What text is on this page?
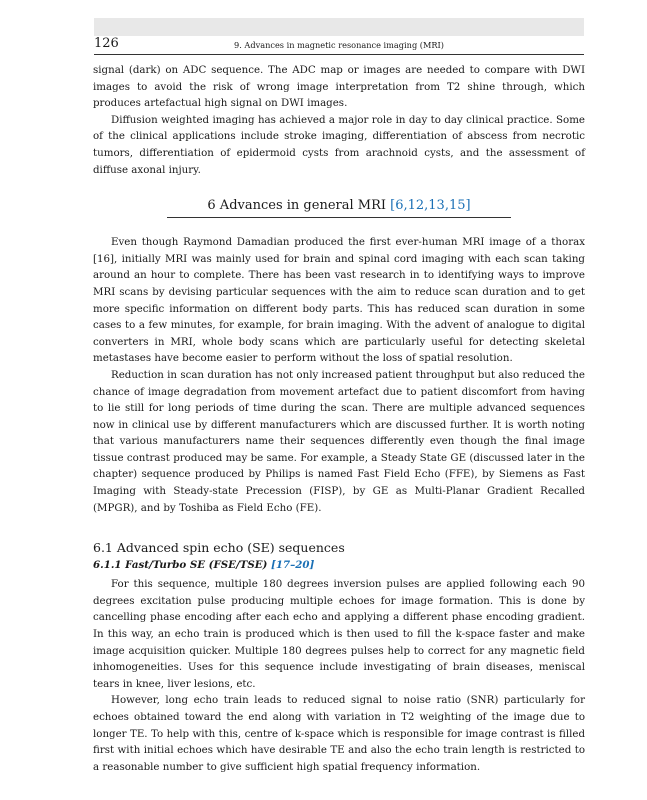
126	9. Advances in magnetic resonance imaging (MRI)

signal (dark) on ADC sequence. The ADC map or images are needed to compare with DWI images to avoid the risk of wrong image interpretation from T2 shine through, which produces artefactual high signal on DWI images.

Diffusion weighted imaging has achieved a major role in day to day clinical practice. Some of the clinical applications include stroke imaging, differentiation of abscess from necrotic tumors, differentiation of epidermoid cysts from arachnoid cysts, and the assessment of diffuse axonal injury.

6 Advances in general MRI [6,12,13,15]

Even though Raymond Damadian produced the first ever-human MRI image of a thorax [16], initially MRI was mainly used for brain and spinal cord imaging with each scan taking around an hour to complete. There has been vast research in to identifying ways to improve MRI scans by devising particular sequences with the aim to reduce scan duration and to get more specific information on different body parts. This has reduced scan duration in some cases to a few minutes, for example, for brain imaging. With the advent of analogue to digital converters in MRI, whole body scans which are particularly useful for detecting skeletal metastases have become easier to perform without the loss of spatial resolution.

Reduction in scan duration has not only increased patient throughput but also reduced the chance of image degradation from movement artefact due to patient discomfort from having to lie still for long periods of time during the scan. There are multiple advanced sequences now in clinical use by different manufacturers which are discussed further. It is worth noting that various manufacturers name their sequences differently even though the final image tissue contrast produced may be same. For example, a Steady State GE (discussed later in the chapter) sequence produced by Philips is named Fast Field Echo (FFE), by Siemens as Fast Imaging with Steady-state Precession (FISP), by GE as Multi-Planar Gradient Recalled (MPGR), and by Toshiba as Field Echo (FE).

6.1 Advanced spin echo (SE) sequences
6.1.1 Fast/Turbo SE (FSE/TSE) [17–20]

For this sequence, multiple 180 degrees inversion pulses are applied following each 90 degrees excitation pulse producing multiple echoes for image formation. This is done by cancelling phase encoding after each echo and applying a different phase encoding gradient. In this way, an echo train is produced which is then used to fill the k-space faster and make image acquisition quicker. Multiple 180 degrees pulses help to correct for any magnetic field inhomogeneities. Uses for this sequence include investigating of brain diseases, meniscal tears in knee, liver lesions, etc.

However, long echo train leads to reduced signal to noise ratio (SNR) particularly for echoes obtained toward the end along with variation in T2 weighting of the image due to longer TE. To help with this, centre of k-space which is responsible for image contrast is filled first with initial echoes which have desirable TE and also the echo train length is restricted to a reasonable number to give sufficient high spatial frequency information.
